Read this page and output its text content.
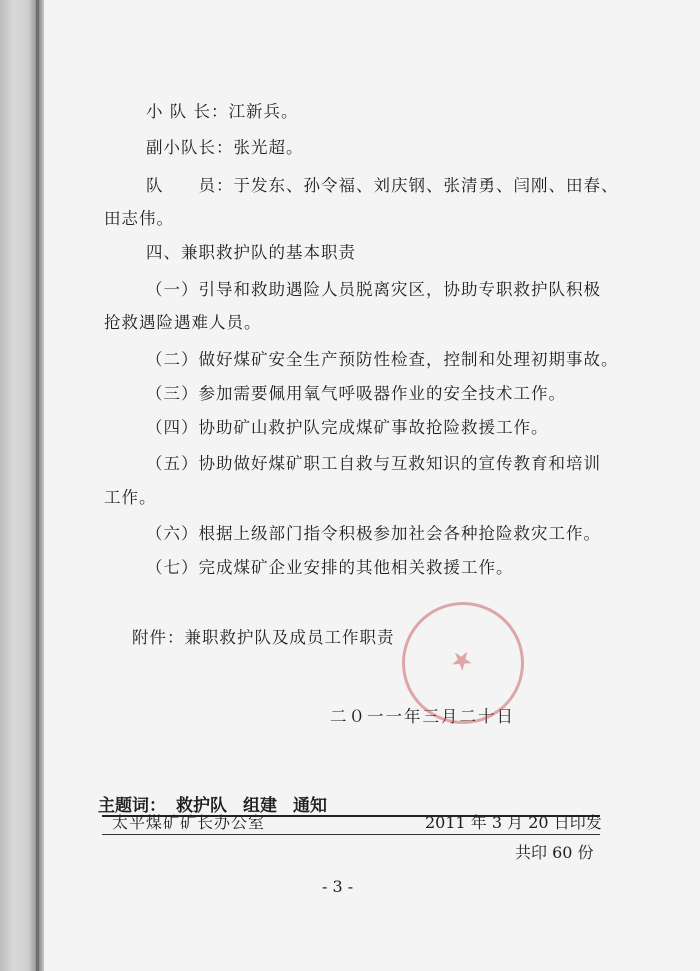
小 队 长：江新兵。
副小队长：张光超。
队　　员：于发东、孙令福、刘庆钢、张清勇、闫刚、田春、
田志伟。
四、兼职救护队的基本职责
（一）引导和救助遇险人员脱离灾区，协助专职救护队积极
抢救遇险遇难人员。
（二）做好煤矿安全生产预防性检查，控制和处理初期事故。
（三）参加需要佩用氧气呼吸器作业的安全技术工作。
（四）协助矿山救护队完成煤矿事故抢险救援工作。
（五）协助做好煤矿职工自救与互救知识的宣传教育和培训
工作。
（六）根据上级部门指令积极参加社会各种抢险救灾工作。
（七）完成煤矿企业安排的其他相关救援工作。
附件：兼职救护队及成员工作职责
二０一一年三月二十日
★
主题词： 救护队 组建 通知
太平煤矿矿长办公室	2011 年 3 月 20 日印发
共印 60 份
- 3 -
